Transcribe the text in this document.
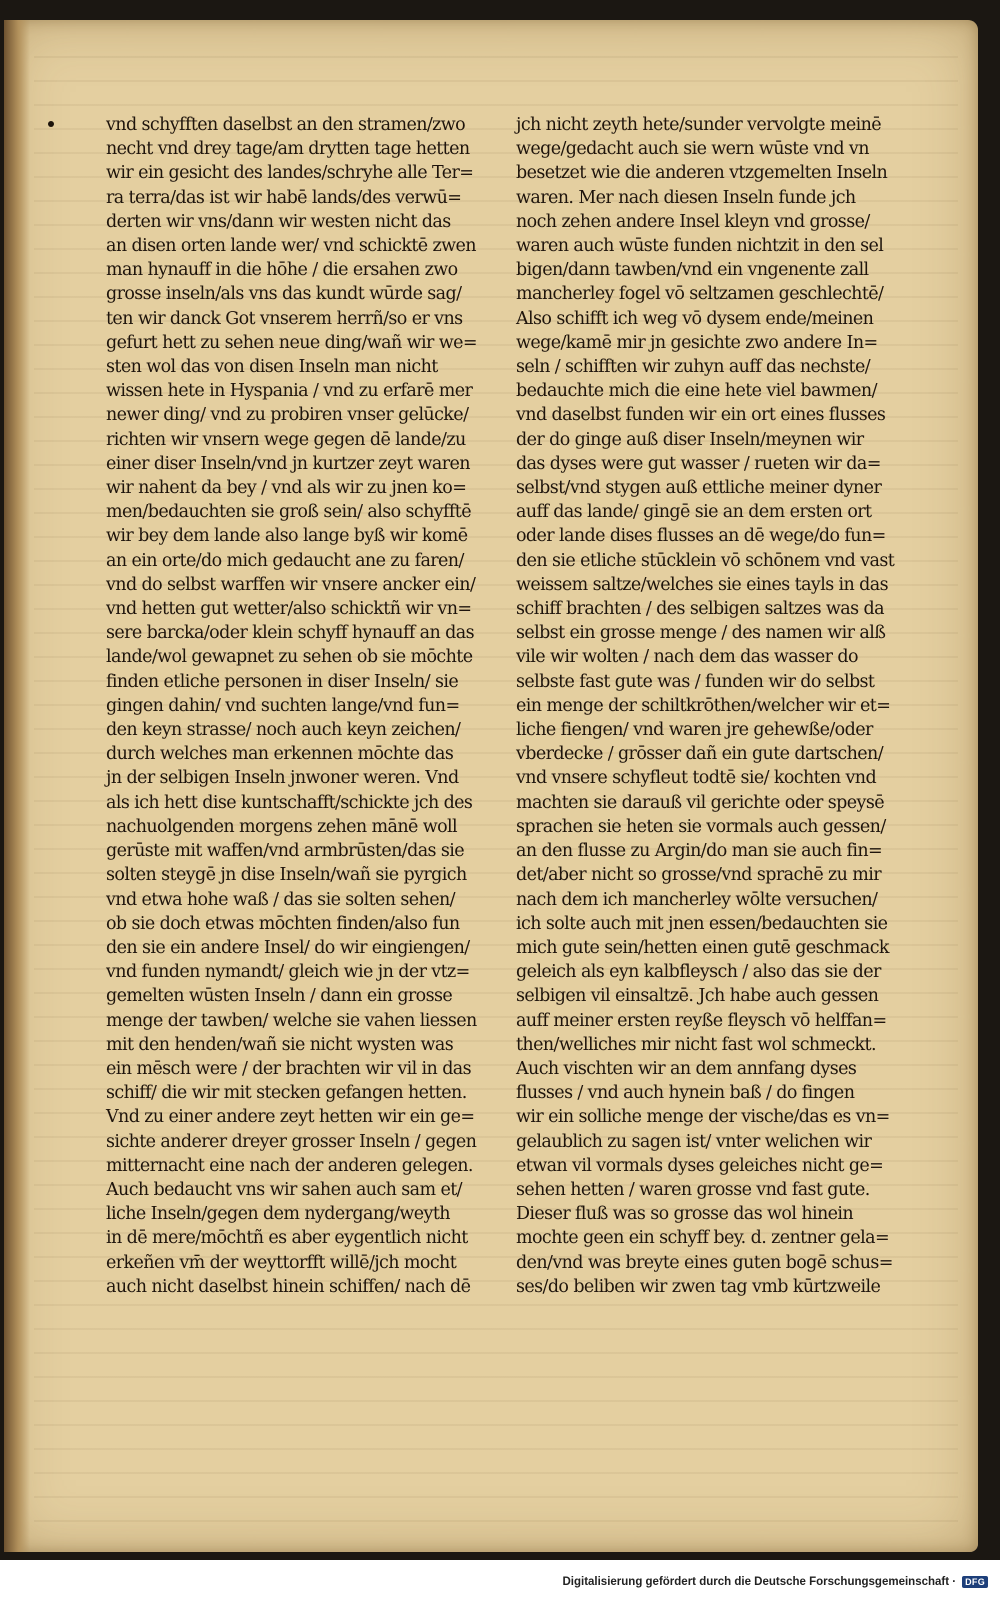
vnd schyfften daselbst an den stramen/zwo
necht vnd drey tage/am drytten tage hetten
wir ein gesicht des landes/schryhe alle Ter=
ra terra/das ist wir habē lands/des verwū=
derten wir vns/dann wir westen nicht das
an disen orten lande wer/ vnd schicktē zwen
man hynauff in die hōhe / die ersahen zwo
grosse inseln/als vns das kundt wūrde sag/
ten wir danck Got vnserem herrñ/so er vns
gefurt hett zu sehen neue ding/wañ wir we=
sten wol das von disen Inseln man nicht
wissen hete in Hyspania / vnd zu erfarē mer
newer ding/ vnd zu probiren vnser gelūcke/
richten wir vnsern wege gegen dē lande/zu
einer diser Inseln/vnd jn kurtzer zeyt waren
wir nahent da bey / vnd als wir zu jnen ko=
men/bedauchten sie groß sein/ also schyfftē
wir bey dem lande also lange byß wir komē
an ein orte/do mich gedaucht ane zu faren/
vnd do selbst warffen wir vnsere ancker ein/
vnd hetten gut wetter/also schicktñ wir vn=
sere barcka/oder klein schyff hynauff an das
lande/wol gewapnet zu sehen ob sie mōchte
finden etliche personen in diser Inseln/ sie
gingen dahin/ vnd suchten lange/vnd fun=
den keyn strasse/ noch auch keyn zeichen/
durch welches man erkennen mōchte das
jn der selbigen Inseln jnwoner weren. Vnd
als ich hett dise kuntschafft/schickte jch des
nachuolgenden morgens zehen mānē woll
gerūste mit waffen/vnd armbrūsten/das sie
solten steygē jn dise Inseln/wañ sie pyrgich
vnd etwa hohe waß / das sie solten sehen/
ob sie doch etwas mōchten finden/also fun
den sie ein andere Insel/ do wir eingiengen/
vnd funden nymandt/ gleich wie jn der vtz=
gemelten wūsten Inseln / dann ein grosse
menge der tawben/ welche sie vahen liessen
mit den henden/wañ sie nicht wysten was
ein mēsch were / der brachten wir vil in das
schiff/ die wir mit stecken gefangen hetten.
Vnd zu einer andere zeyt hetten wir ein ge=
sichte anderer dreyer grosser Inseln / gegen
mitternacht eine nach der anderen gelegen.
Auch bedaucht vns wir sahen auch sam et/
liche Inseln/gegen dem nydergang/weyth
in dē mere/mōchtñ es aber eygentlich nicht
erkeñen vm̄ der weyttorfft willē/jch mocht
auch nicht daselbst hinein schiffen/ nach dē
jch nicht zeyth hete/sunder vervolgte meinē
wege/gedacht auch sie wern wūste vnd vn
besetzet wie die anderen vtzgemelten Inseln
waren. Mer nach diesen Inseln funde jch
noch zehen andere Insel kleyn vnd grosse/
waren auch wūste funden nichtzit in den sel
bigen/dann tawben/vnd ein vngenente zall
mancherley fogel vō seltzamen geschlechtē/
Also schifft ich weg vō dysem ende/meinen
wege/kamē mir jn gesichte zwo andere In=
seln / schifften wir zuhyn auff das nechste/
bedauchte mich die eine hete viel bawmen/
vnd daselbst funden wir ein ort eines flusses
der do ginge auß diser Inseln/meynen wir
das dyses were gut wasser / rueten wir da=
selbst/vnd stygen auß ettliche meiner dyner
auff das lande/ gingē sie an dem ersten ort
oder lande dises flusses an dē wege/do fun=
den sie etliche stūcklein vō schōnem vnd vast
weissem saltze/welches sie eines tayls in das
schiff brachten / des selbigen saltzes was da
selbst ein grosse menge / des namen wir alß
vile wir wolten / nach dem das wasser do
selbste fast gute was / funden wir do selbst
ein menge der schiltkrōthen/welcher wir et=
liche fiengen/ vnd waren jre gehewße/oder
vberdecke / grōsser dañ ein gute dartschen/
vnd vnsere schyfleut todtē sie/ kochten vnd
machten sie darauß vil gerichte oder speysē
sprachen sie heten sie vormals auch gessen/
an den flusse zu Argin/do man sie auch fin=
det/aber nicht so grosse/vnd sprachē zu mir
nach dem ich mancherley wōlte versuchen/
ich solte auch mit jnen essen/bedauchten sie
mich gute sein/hetten einen gutē geschmack
geleich als eyn kalbfleysch / also das sie der
selbigen vil einsaltzē. Jch habe auch gessen
auff meiner ersten reyße fleysch vō helffan=
then/welliches mir nicht fast wol schmeckt.
Auch vischten wir an dem annfang dyses
flusses / vnd auch hynein baß / do fingen
wir ein solliche menge der vische/das es vn=
gelaublich zu sagen ist/ vnter welichen wir
etwan vil vormals dyses geleiches nicht ge=
sehen hetten / waren grosse vnd fast gute.
Dieser fluß was so grosse das wol hinein
mochte geen ein schyff bey. d. zentner gela=
den/vnd was breyte eines guten bogē schus=
ses/do beliben wir zwen tag vmb kūrtzweile
Digitalisierung gefördert durch die Deutsche Forschungsgemeinschaft ·	DFG
